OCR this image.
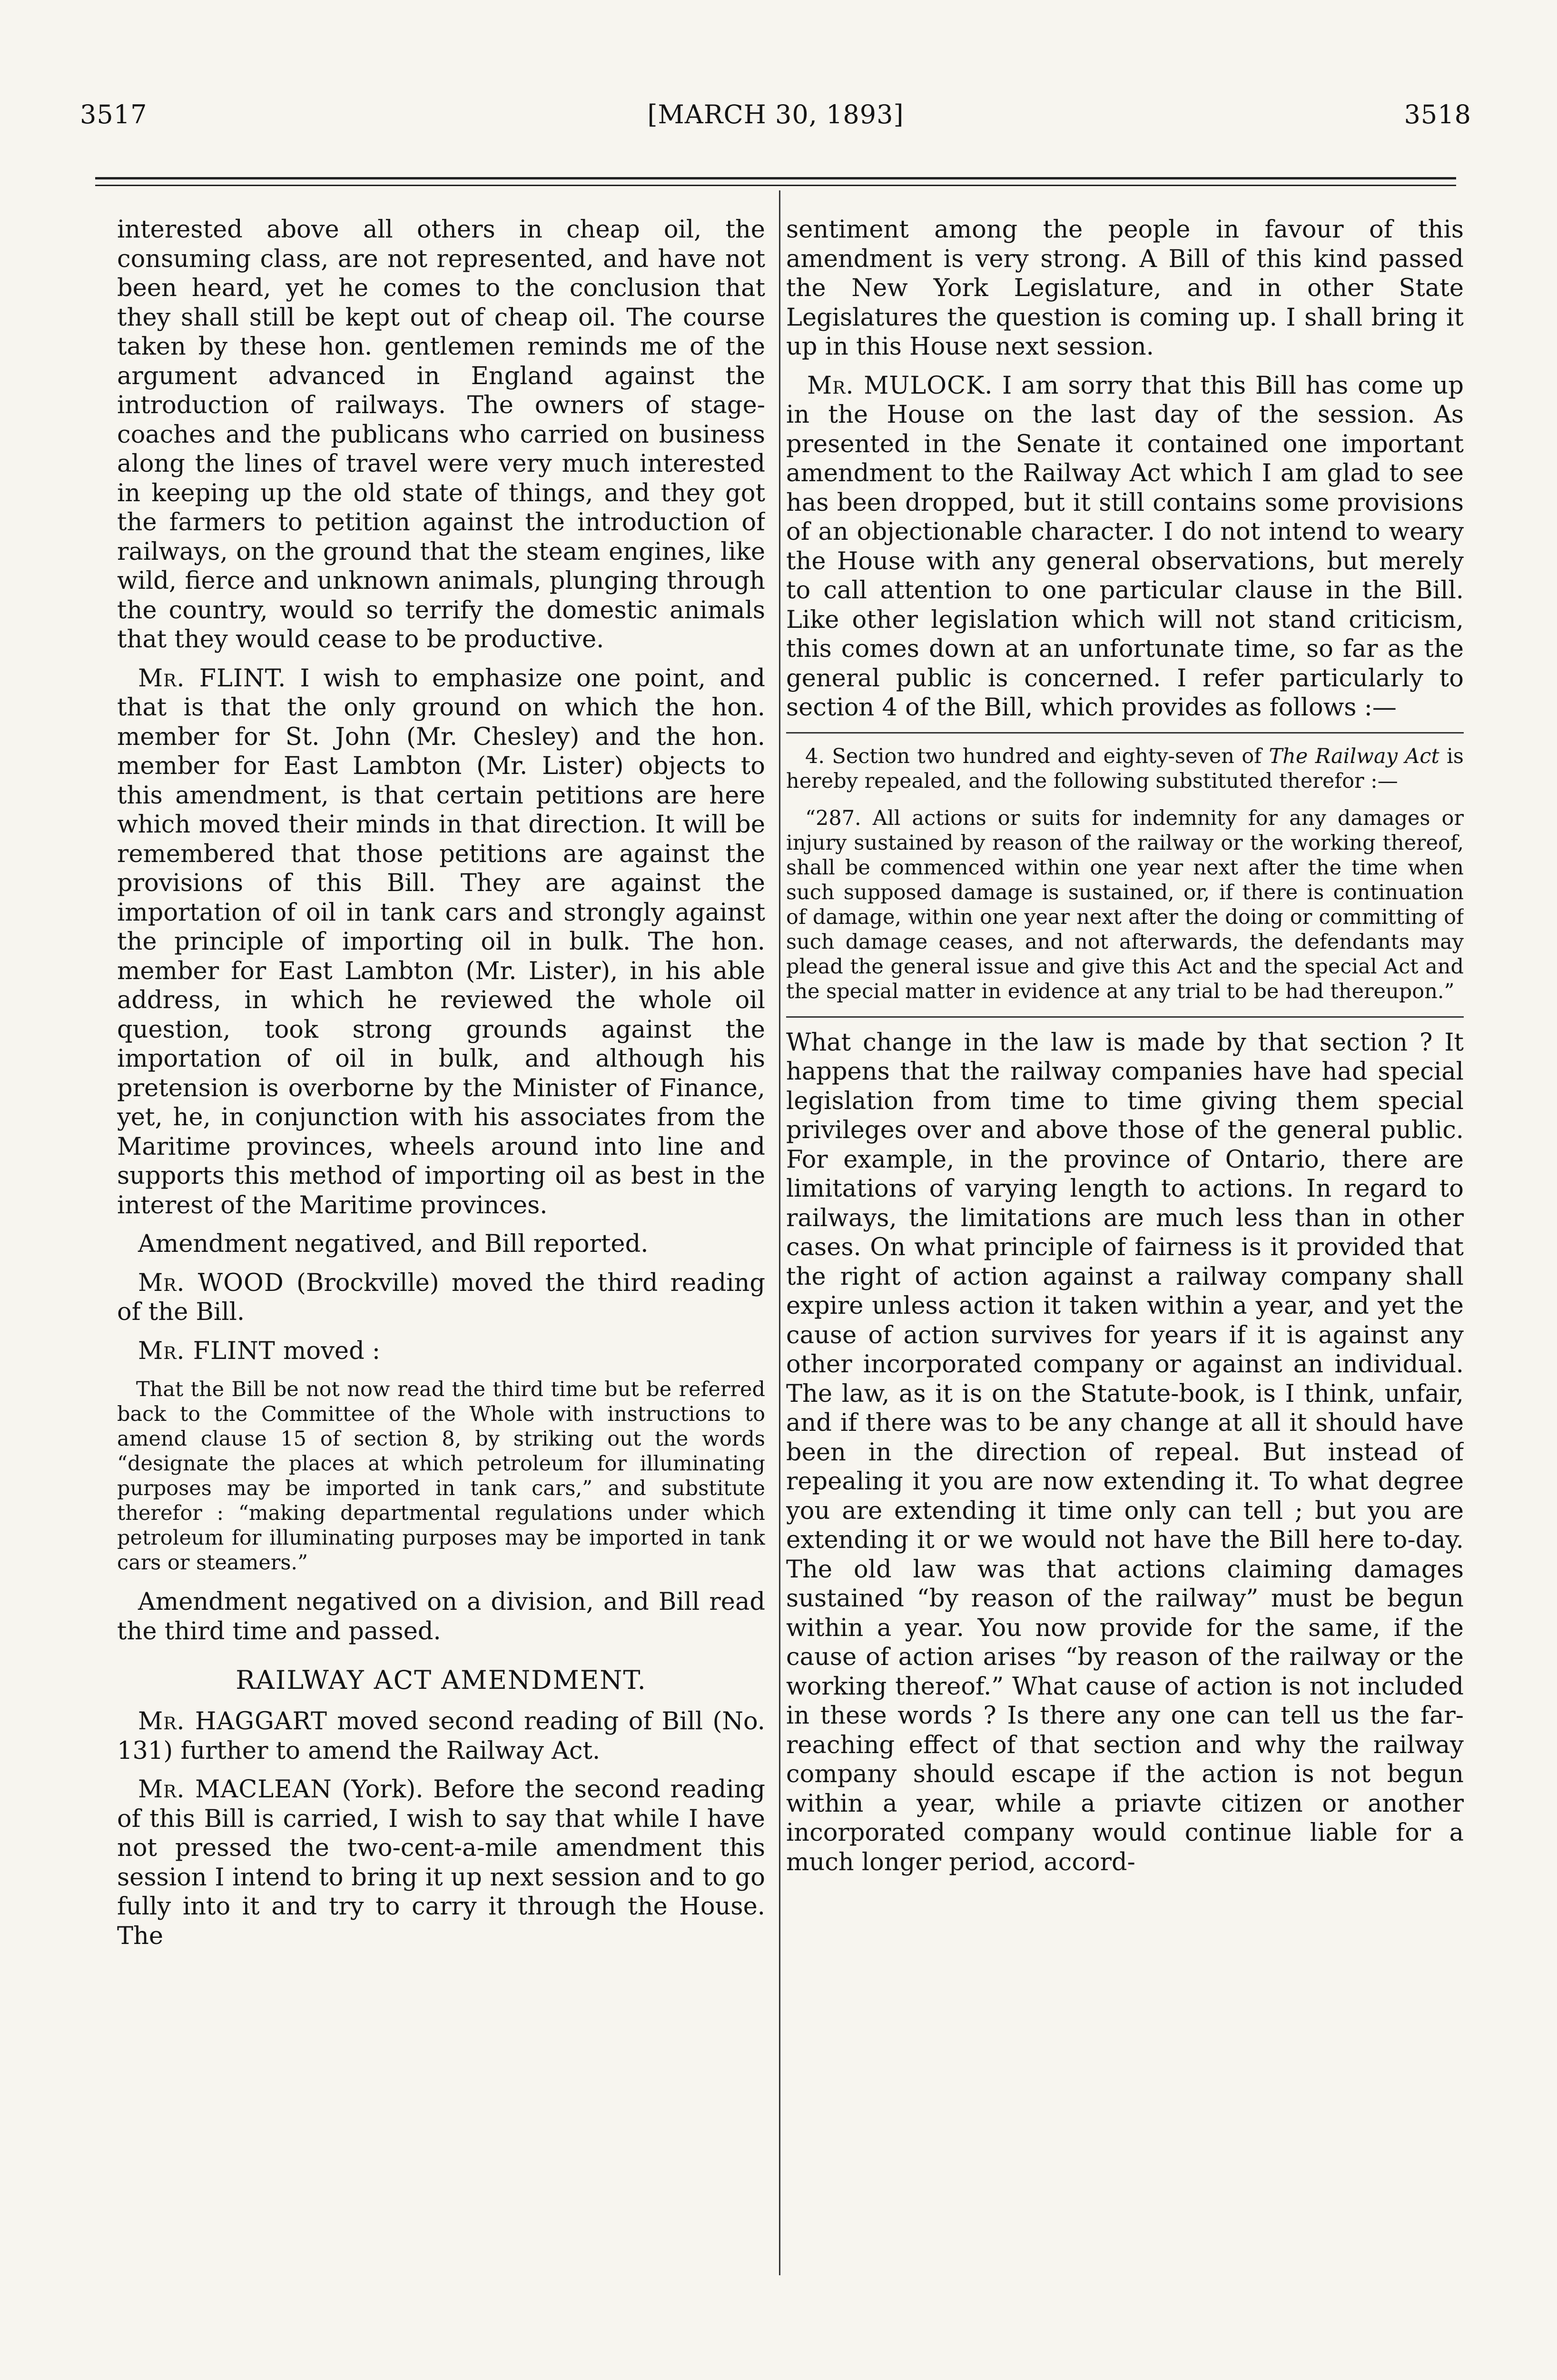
3517	[MARCH 30, 1893]	3518

interested above all others in cheap oil, the consuming class, are not represented, and have not been heard, yet he comes to the conclusion that they shall still be kept out of cheap oil. The course taken by these hon. gentlemen reminds me of the argument advanced in England against the introduction of railways. The owners of stage-coaches and the publicans who carried on business along the lines of travel were very much interested in keeping up the old state of things, and they got the farmers to petition against the introduction of railways, on the ground that the steam engines, like wild, fierce and unknown animals, plunging through the country, would so terrify the domestic animals that they would cease to be productive.

Mr. FLINT. I wish to emphasize one point, and that is that the only ground on which the hon. member for St. John (Mr. Chesley) and the hon. member for East Lambton (Mr. Lister) objects to this amendment, is that certain petitions are here which moved their minds in that direction. It will be remembered that those petitions are against the provisions of this Bill. They are against the importation of oil in tank cars and strongly against the principle of importing oil in bulk. The hon. member for East Lambton (Mr. Lister), in his able address, in which he reviewed the whole oil question, took strong grounds against the importation of oil in bulk, and although his pretension is overborne by the Minister of Finance, yet, he, in conjunction with his associates from the Maritime provinces, wheels around into line and supports this method of importing oil as best in the interest of the Maritime provinces.

Amendment negatived, and Bill reported.

Mr. WOOD (Brockville) moved the third reading of the Bill.

Mr. FLINT moved :

That the Bill be not now read the third time but be referred back to the Committee of the Whole with instructions to amend clause 15 of section 8, by striking out the words “designate the places at which petroleum for illuminating purposes may be imported in tank cars,” and substitute therefor : “making departmental regulations under which petroleum for illuminating purposes may be imported in tank cars or steamers.”

Amendment negatived on a division, and Bill read the third time and passed.

RAILWAY ACT AMENDMENT.

Mr. HAGGART moved second reading of Bill (No. 131) further to amend the Railway Act.

Mr. MACLEAN (York). Before the second reading of this Bill is carried, I wish to say that while I have not pressed the two-cent-a-mile amendment this session I intend to bring it up next session and to go fully into it and try to carry it through the House. The

sentiment among the people in favour of this amendment is very strong. A Bill of this kind passed the New York Legislature, and in other State Legislatures the question is coming up. I shall bring it up in this House next session.

Mr. MULOCK. I am sorry that this Bill has come up in the House on the last day of the session. As presented in the Senate it contained one important amendment to the Railway Act which I am glad to see has been dropped, but it still contains some provisions of an objectionable character. I do not intend to weary the House with any general observations, but merely to call attention to one particular clause in the Bill. Like other legislation which will not stand criticism, this comes down at an unfortunate time, so far as the general public is concerned. I refer particularly to section 4 of the Bill, which provides as follows :—

4. Section two hundred and eighty-seven of The Railway Act is hereby repealed, and the following substituted therefor :—

“287. All actions or suits for indemnity for any damages or injury sustained by reason of the railway or the working thereof, shall be commenced within one year next after the time when such supposed damage is sustained, or, if there is continuation of damage, within one year next after the doing or committing of such damage ceases, and not afterwards, the defendants may plead the general issue and give this Act and the special Act and the special matter in evidence at any trial to be had thereupon.”

What change in the law is made by that section ? It happens that the railway companies have had special legislation from time to time giving them special privileges over and above those of the general public. For example, in the province of Ontario, there are limitations of varying length to actions. In regard to railways, the limitations are much less than in other cases. On what principle of fairness is it provided that the right of action against a railway company shall expire unless action it taken within a year, and yet the cause of action survives for years if it is against any other incorporated company or against an individual. The law, as it is on the Statute-book, is I think, unfair, and if there was to be any change at all it should have been in the direction of repeal. But instead of repealing it you are now extending it. To what degree you are extending it time only can tell ; but you are extending it or we would not have the Bill here to-day. The old law was that actions claiming damages sustained “by reason of the railway” must be begun within a year. You now provide for the same, if the cause of action arises “by reason of the railway or the working thereof.” What cause of action is not included in these words ? Is there any one can tell us the far-reaching effect of that section and why the railway company should escape if the action is not begun within a year, while a priavte citizen or another incorporated company would continue liable for a much longer period, accord-
